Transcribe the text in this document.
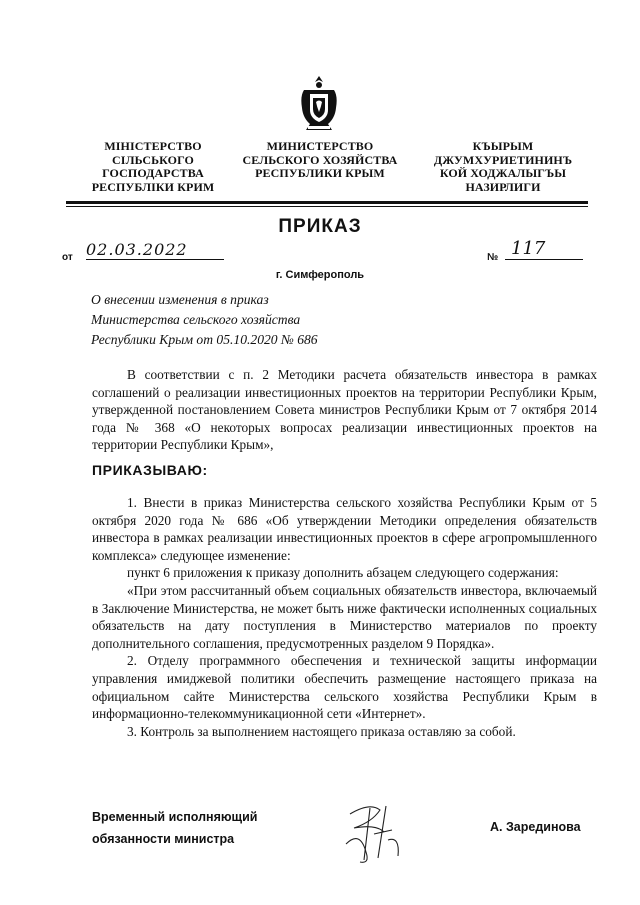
МІНІСТЕРСТВО
СІЛЬСЬКОГО
ГОСПОДАРСТВА
РЕСПУБЛІКИ КРИМ
МИНИСТЕРСТВО
СЕЛЬСКОГО ХОЗЯЙСТВА
РЕСПУБЛИКИ КРЫМ
КЪЫРЫМ
ДЖУМХУРИЕТИНИНЪ
КОЙ ХОДЖАЛЫГЪЫ
НАЗИРЛИГИ
ПРИКАЗ
от 02.03.2022	№ 117
г. Симферополь
О внесении изменения в приказ
Министерства сельского хозяйства
Республики Крым от 05.10.2020 № 686

В соответствии с п. 2 Методики расчета обязательств инвестора в рамках соглашений о реализации инвестиционных проектов на территории Республики Крым, утвержденной постановлением Совета министров Республики Крым от 7 октября 2014 года № 368 «О некоторых вопросах реализации инвестиционных проектов на территории Республики Крым»,

ПРИКАЗЫВАЮ:

1. Внести в приказ Министерства сельского хозяйства Республики Крым от 5 октября 2020 года № 686 «Об утверждении Методики определения обязательств инвестора в рамках реализации инвестиционных проектов в сфере агропромышленного комплекса» следующее изменение:

пункт 6 приложения к приказу дополнить абзацем следующего содержания:

«При этом рассчитанный объем социальных обязательств инвестора, включаемый в Заключение Министерства, не может быть ниже фактически исполненных социальных обязательств на дату поступления в Министерство материалов по проекту дополнительного соглашения, предусмотренных разделом 9 Порядка».

2. Отделу программного обеспечения и технической защиты информации управления имиджевой политики обеспечить размещение настоящего приказа на официальном сайте Министерства сельского хозяйства Республики Крым в информационно-телекоммуникационной сети «Интернет».

3. Контроль за выполнением настоящего приказа оставляю за собой.

Временный исполняющий
обязанности министра
А. Зарединова
